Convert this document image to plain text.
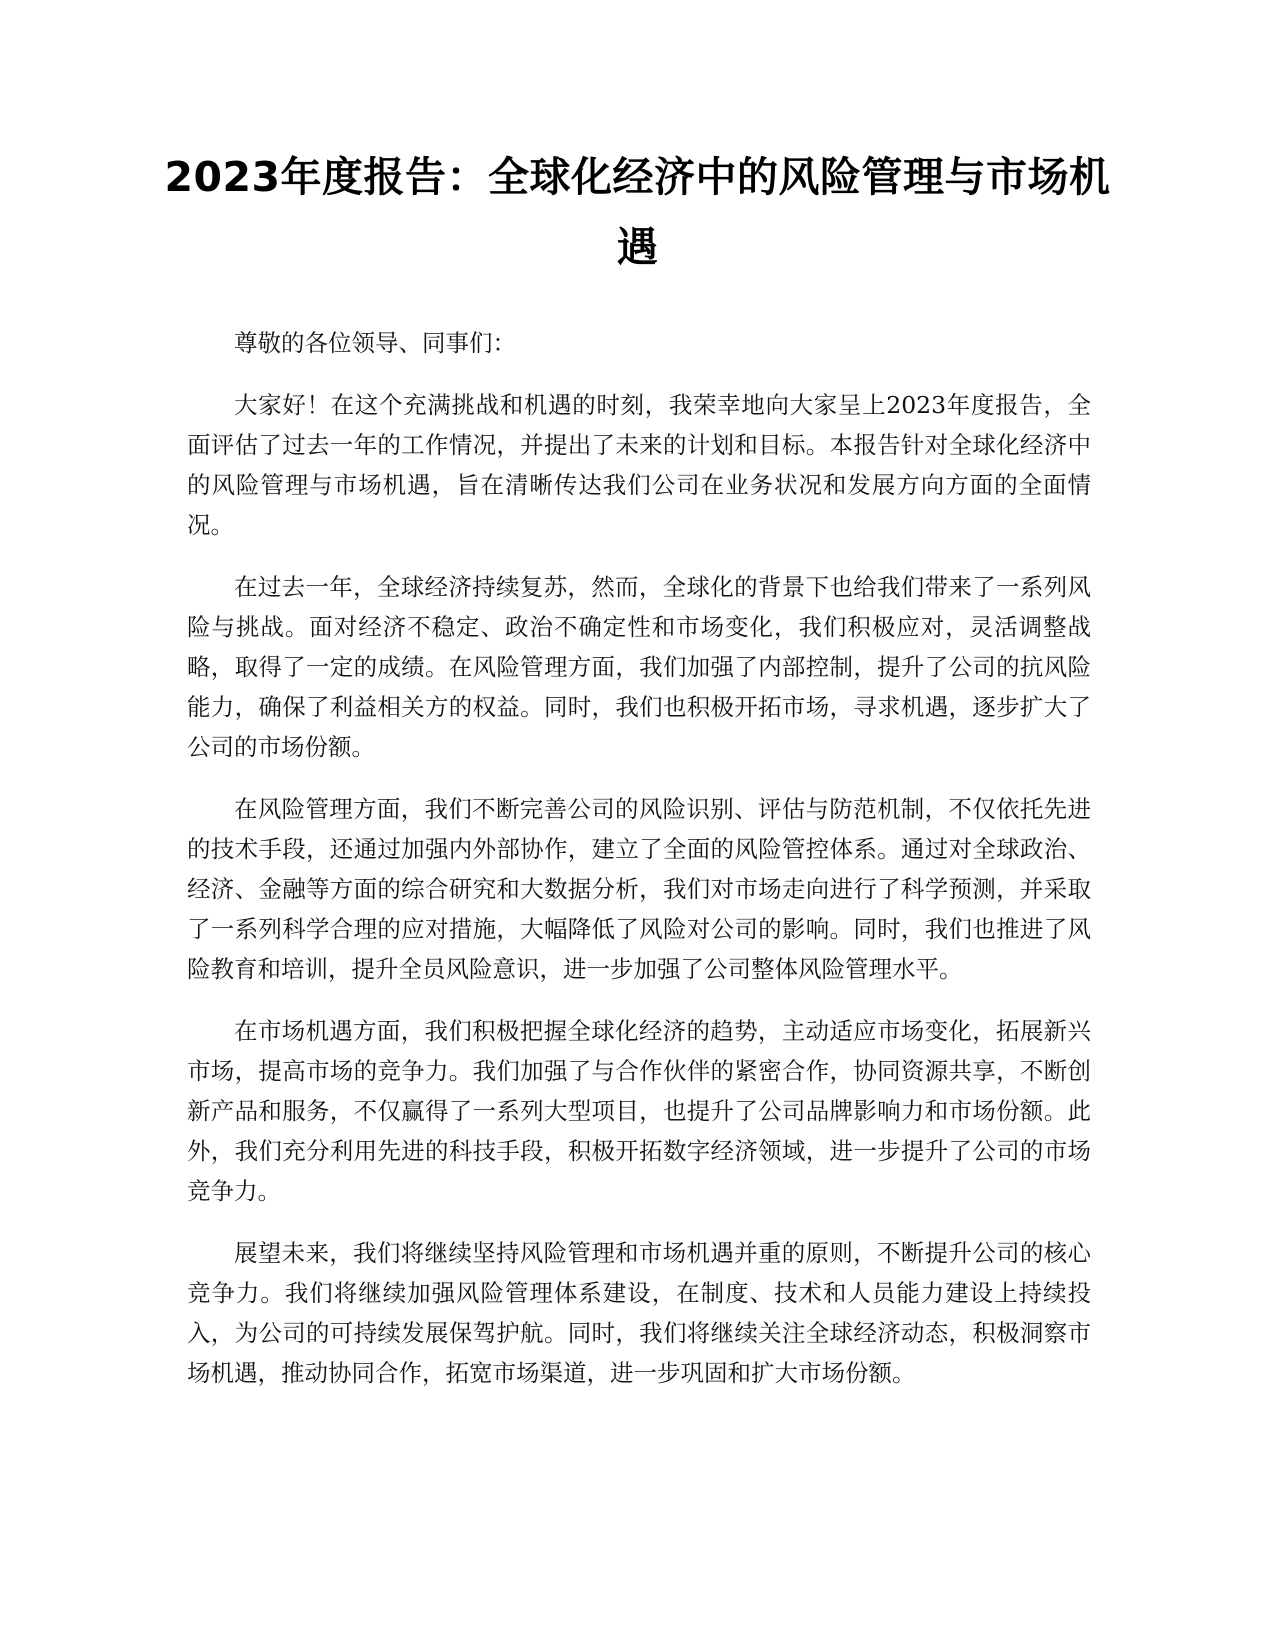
2023年度报告：全球化经济中的风险管理与市场机遇

尊敬的各位领导、同事们：

大家好！在这个充满挑战和机遇的时刻，我荣幸地向大家呈上2023年度报告，全面评估了过去一年的工作情况，并提出了未来的计划和目标。本报告针对全球化经济中的风险管理与市场机遇，旨在清晰传达我们公司在业务状况和发展方向方面的全面情况。

在过去一年，全球经济持续复苏，然而，全球化的背景下也给我们带来了一系列风险与挑战。面对经济不稳定、政治不确定性和市场变化，我们积极应对，灵活调整战略，取得了一定的成绩。在风险管理方面，我们加强了内部控制，提升了公司的抗风险能力，确保了利益相关方的权益。同时，我们也积极开拓市场，寻求机遇，逐步扩大了公司的市场份额。

在风险管理方面，我们不断完善公司的风险识别、评估与防范机制，不仅依托先进的技术手段，还通过加强内外部协作，建立了全面的风险管控体系。通过对全球政治、经济、金融等方面的综合研究和大数据分析，我们对市场走向进行了科学预测，并采取了一系列科学合理的应对措施，大幅降低了风险对公司的影响。同时，我们也推进了风险教育和培训，提升全员风险意识，进一步加强了公司整体风险管理水平。

在市场机遇方面，我们积极把握全球化经济的趋势，主动适应市场变化，拓展新兴市场，提高市场的竞争力。我们加强了与合作伙伴的紧密合作，协同资源共享，不断创新产品和服务，不仅赢得了一系列大型项目，也提升了公司品牌影响力和市场份额。此外，我们充分利用先进的科技手段，积极开拓数字经济领域，进一步提升了公司的市场竞争力。

展望未来，我们将继续坚持风险管理和市场机遇并重的原则，不断提升公司的核心竞争力。我们将继续加强风险管理体系建设，在制度、技术和人员能力建设上持续投入，为公司的可持续发展保驾护航。同时，我们将继续关注全球经济动态，积极洞察市场机遇，推动协同合作，拓宽市场渠道，进一步巩固和扩大市场份额。
